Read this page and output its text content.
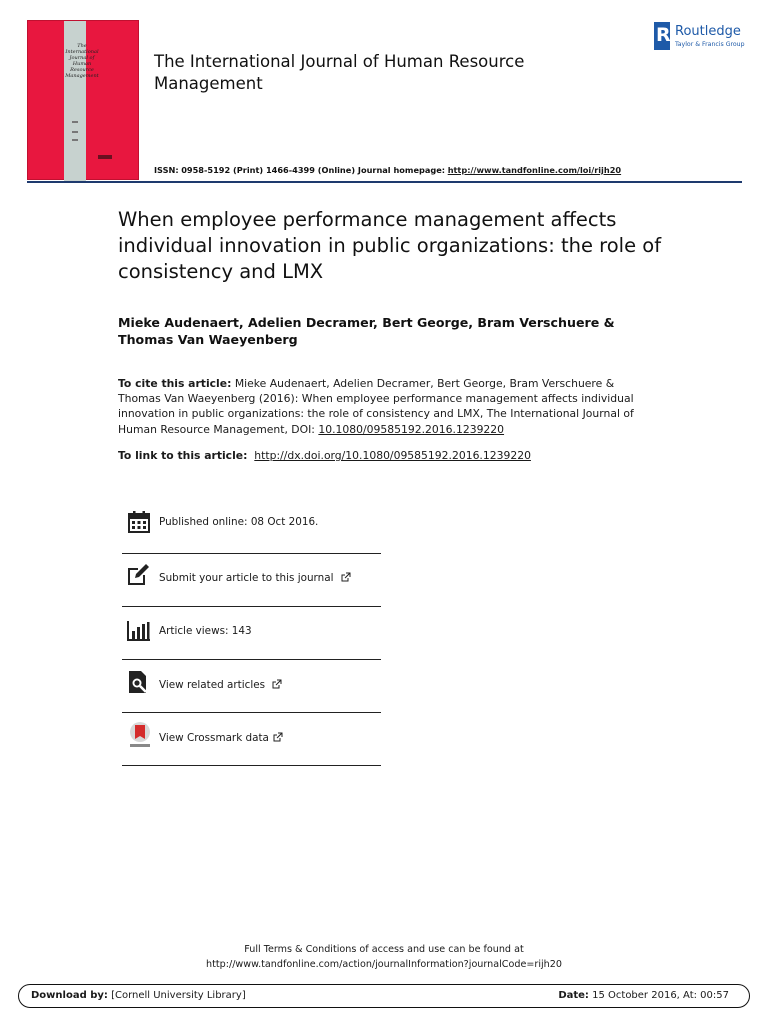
The
International
Journal of
Human
Resource
Management
The International Journal of Human Resource Management
R Routledge
Taylor & Francis Group
ISSN: 0958-5192 (Print) 1466-4399 (Online) Journal homepage: http://www.tandfonline.com/loi/rijh20
When employee performance management affects individual innovation in public organizations: the role of consistency and LMX
Mieke Audenaert, Adelien Decramer, Bert George, Bram Verschuere & Thomas Van Waeyenberg
To cite this article: Mieke Audenaert, Adelien Decramer, Bert George, Bram Verschuere & Thomas Van Waeyenberg (2016): When employee performance management affects individual innovation in public organizations: the role of consistency and LMX, The International Journal of Human Resource Management, DOI: 10.1080/09585192.2016.1239220
To link to this article: http://dx.doi.org/10.1080/09585192.2016.1239220
Published online: 08 Oct 2016.
Submit your article to this journal
Article views: 143
View related articles
View Crossmark data
Full Terms & Conditions of access and use can be found at
http://www.tandfonline.com/action/journalInformation?journalCode=rijh20
Download by: [Cornell University Library]	Date: 15 October 2016, At: 00:57
